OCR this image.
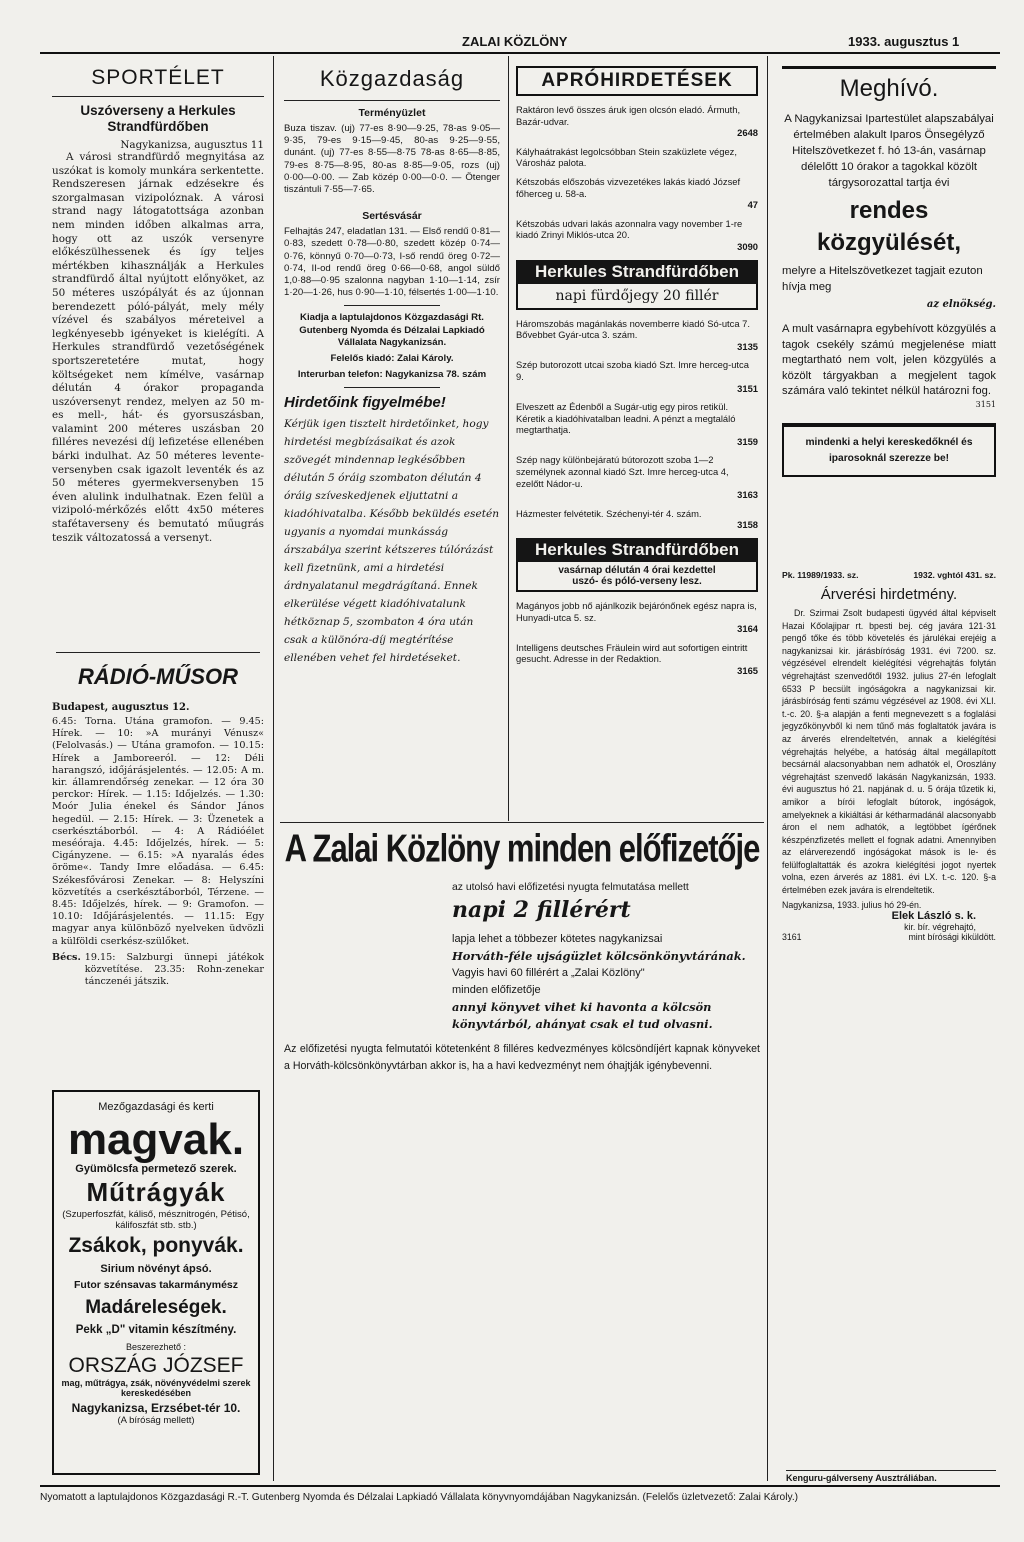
ZALAI KÖZLÖNY	1933. augusztus 1
SPORTÉLET
Uszóverseny a Herkules
Strandfürdőben
Nagykanizsa, augusztus 11

A városi strandfürdő megnyitása az uszókat is komoly munkára serkentette. Rendszeresen járnak edzésekre és szorgalmasan vizipolóznak. A városi strand nagy látogatottsága azonban nem minden időben alkalmas arra, hogy ott az uszók versenyre előkészülhessenek és így teljes mértékben kihasználják a Herkules strandfürdő által nyújtott előnyöket, az 50 méteres uszópályát és az újonnan berendezett póló-pályát, mely mély vízével és szabályos méreteivel a legkényesebb igényeket is kielégíti. A Herkules strandfürdő vezetőségének sportszeretetére mutat, hogy költségeket nem kímélve, vasárnap délután 4 órakor propaganda uszóversenyt rendez, melyen az 50 m-es mell-, hát- és gyorsuszásban, valamint 200 méteres uszásban 20 filléres nevezési díj lefizetése ellenében bárki indulhat. Az 50 méteres levente-versenyben csak igazolt leventék és az 50 méteres gyermekversenyben 15 éven alulink indulhatnak. Ezen felül a vizipoló-mérkőzés előtt 4x50 méteres stafétaverseny és bemutató műugrás teszik változatossá a versenyt.

RÁDIÓ-MŰSOR
Budapest, augusztus 12.

6.45: Torna. Utána gramofon. — 9.45: Hírek. — 10: »A murányi Vénusz« (Felolvasás.) — Utána gramofon. — 10.15: Hírek a Jamboreeról. — 12: Déli harangszó, időjárásjelentés. — 12.05: A m. kir. államrendőrség zenekar. — 12 óra 30 perckor: Hírek. — 1.15: Időjelzés. — 1.30: Moór Julia énekel és Sándor János hegedül. — 2.15: Hírek. — 3: Üzenetek a cserkésztáborból. — 4: A Rádióélet meséóraja. 4.45: Időjelzés, hírek. — 5: Cigányzene. — 6.15: »A nyaralás édes öröme«. Tandy Imre előadása. — 6.45: Székesfővárosi Zenekar. — 8: Helyszíni közvetítés a cserkésztáborból, Térzene. — 8.45: Időjelzés, hírek. — 9: Gramofon. — 10.10: Időjárásjelentés. — 11.15: Egy magyar anya különböző nyelveken üdvözli a külföldi cserkész-szülőket.

Bécs. 19.15: Salzburgi ünnepi játékok közvetítése. 23.35: Rohn-zenekar tánczenéi játszik.

Mezőgazdasági és kerti

magvak.

Gyümölcsfa permetező szerek.

Műtrágyák

(Szuperfoszfát, káliső, mésznitrogén, Pétisó, kálifoszfát stb. stb.)

Zsákok, ponyvák.

Sirium növényt ápsó.

Futor szénsavas takarmánymész

Madáreleségek.

Pekk „D" vitamin készítmény.

Beszerezhető :

ORSZÁG JÓZSEF

mag, műtrágya, zsák, növényvédelmi szerek kereskedésében

Nagykanizsa, Erzsébet-tér 10.

(A bíróság mellett)

Közgazdaság
Terményüzlet

Buza tiszav. (uj) 77-es 8·90—9·25, 78-as 9·05—9·35, 79-es 9·15—9·45, 80-as 9·25—9·55, dunánt. (uj) 77-es 8·55—8·75 78-as 8·65—8·85, 79-es 8·75—8·95, 80-as 8·85—9·05, rozs (uj) 0·00—0·00. — Zab közép 0·00—0·0. — Ötenger tiszántuli 7·55—7·65.

Sertésvásár

Felhajtás 247, eladatlan 131. — Első rendű 0·81—0·83, szedett 0·78—0·80, szedett közép 0·74—0·76, könnyű 0·70—0·73, I-ső rendű öreg 0·72—0·74, II-od rendű öreg 0·66—0·68, angol süldő 1,0·88—0·95 szalonna nagyban 1·10—1·14, zsír 1·20—1·26, hus 0·90—1·10, félsertés 1·00—1·10.

Kiadja a laptulajdonos Közgazdasági Rt. Gutenberg Nyomda és Délzalai Lapkiadó Vállalata Nagykanizsán.

Felelős kiadó: Zalai Károly.

Interurban telefon: Nagykanizsa 78. szám

Hirdetőink figyelmébe!

Kérjük igen tisztelt hirdetőinket, hogy hirdetési megbízásaikat és azok szövegét mindennap legkésőbben délután 5 óráig szombaton délután 4 óráig szíveskedjenek eljuttatni a kiadóhivatalba. Később beküldés esetén ugyanis a nyomdai munkásság árszabálya szerint kétszeres túlórázást kell fizetnünk, ami a hirdetési árdnyalatanul megdrágítaná. Ennek elkerülése végett kiadóhivatalunk hétköznap 5, szombaton 4 óra után csak a különóra-díj megtérítése ellenében vehet fel hirdetéseket.

APRÓHIRDETÉSEK

Raktáron levő összes áruk igen olcsón eladó. Ármuth, Bazár-udvar.
2648

Kályhaátrakást legolcsóbban Stein szaküzlete végez, Városház palota.

Kétszobás előszobás vizvezetékes lakás kiadó József főherceg u. 58-a.
47

Kétszobás udvari lakás azonnalra vagy november 1-re kiadó Zrinyi Miklós-utca 20.
3090

Herkules Strandfürdőben
napi fürdőjegy 20 fillér

Háromszobás magánlakás novemberre kiadó Só-utca 7. Bővebbet Gyár-utca 3. szám.
3135

Szép butorozott utcai szoba kiadó Szt. Imre herceg-utca 9.
3151

Elveszett az Édenből a Sugár-utig egy piros retikül. Kéretik a kiadóhivatalban leadni. A pénzt a megtaláló megtarthatja.
3159

Szép nagy különbejáratú bútorozott szoba 1—2 személynek azonnal kiadó Szt. Imre herceg-utca 4, ezelőtt Nádor-u.
3163

Házmester felvétetik. Széchenyi-tér 4. szám.
3158

Herkules Strandfürdőben
vasárnap délután 4 órai kezdettel
uszó- és póló-verseny lesz.

Magányos jobb nő ajánlkozik bejárónőnek egész napra is, Hunyadi-utca 5. sz.
3164

Intelligens deutsches Fräulein wird aut sofortigen eintritt gesucht. Adresse in der Redaktion.
3165

Meghívó.

A Nagykanizsai Ipartestület alapszabályai értelmében alakult Iparos Önsegélyző Hitelszövetkezet f. hó 13-án, vasárnap délelőtt 10 órakor a tagokkal közölt tárgysorozattal tartja évi

rendes közgyülését,

melyre a Hitelszövetkezet tagjait ezuton hívja meg

az elnökség.

A mult vasárnapra egybehívott közgyülés a tagok csekély számú megjelenése miatt megtartható nem volt, jelen közgyülés a közölt tárgyakban a megjelent tagok számára való tekintet nélkül határozni fog.

3151
mindenki a helyi kereskedőknél és iparosoknál szerezze be!
Pk. 11989/1933. sz.	1932. vghtól 431. sz.
Árverési hirdetmény.

Dr. Szirmai Zsolt budapesti ügyvéd által képviselt Hazai Kőolajipar rt. bpesti bej. cég javára 121·31 pengő tőke és több követelés és járulékai erejéig a nagykanizsai kir. járásbíróság 1931. évi 7200. sz. végzésével elrendelt kielégítési végrehajtás folytán végrehajtást szenvedőtől 1932. julius 27-én lefoglalt 6533 P becsült ingóságokra a nagykanizsai kir. járásbíróság fenti számu végzésével az 1908. évi XLI. t.-c. 20. §-a alapján a fenti megnevezett s a foglalási jegyzőkönyvből ki nem tűnő más foglaltatók javára is az árverés elrendeltetvén, annak a kielégítési végrehajtás helyébe, a hatóság által megállapított becsárnál alacsonyabban nem adhatók el, Oroszlány végrehajtást szenvedő lakásán Nagykanizsán, 1933. évi augusztus hó 21. napjának d. u. 5 órája tűzetik ki, amikor a bírói lefoglalt bútorok, ingóságok, amelyeknek a kikiáltási ár kétharmadánál alacsonyabb áron el nem adhatók, a legtöbbet ígérőnek készpénzfizetés mellett el fognak adatni. Amennyiben az elárverezendő ingóságokat mások is le- és felülfoglaltatták és azokra kielégítési jogot nyertek volna, ezen árverés az 1881. évi LX. t.-c. 120. §-a értelmében ezek javára is elrendeltetik.

Nagykanizsa, 1933. julius hó 29-én.
Elek László s. k.
kir. bír. végrehajtó,
3161	mint bírósági kiküldött.
A Zalai Közlöny minden előfizetője

az utolsó havi előfizetési nyugta felmutatása mellett

napi 2 fillérért

lapja lehet a többezer kötetes nagykanizsai

Horváth-féle ujságüzlet kölcsönkönyvtárának.

Vagyis havi 60 fillérért a „Zalai Közlöny"

minden előfizetője

annyi könyvet vihet ki havonta a kölcsön könyvtárból, ahányat csak el tud olvasni.

Az előfizetési nyugta felmutatói kötetenként 8 filléres kedvezményes kölcsöndíjért kapnak könyveket a Horváth-kölcsönkönyvtárban akkor is, ha a havi kedvezményt nem óhajtják igénybevenni.

Kenguru-gálverseny Ausztráliában.
Nyomatott a laptulajdonos Közgazdasági R.-T. Gutenberg Nyomda és Délzalai Lapkiadó Vállalata könyvnyomdájában Nagykanizsán. (Felelős üzletvezető: Zalai Károly.)
